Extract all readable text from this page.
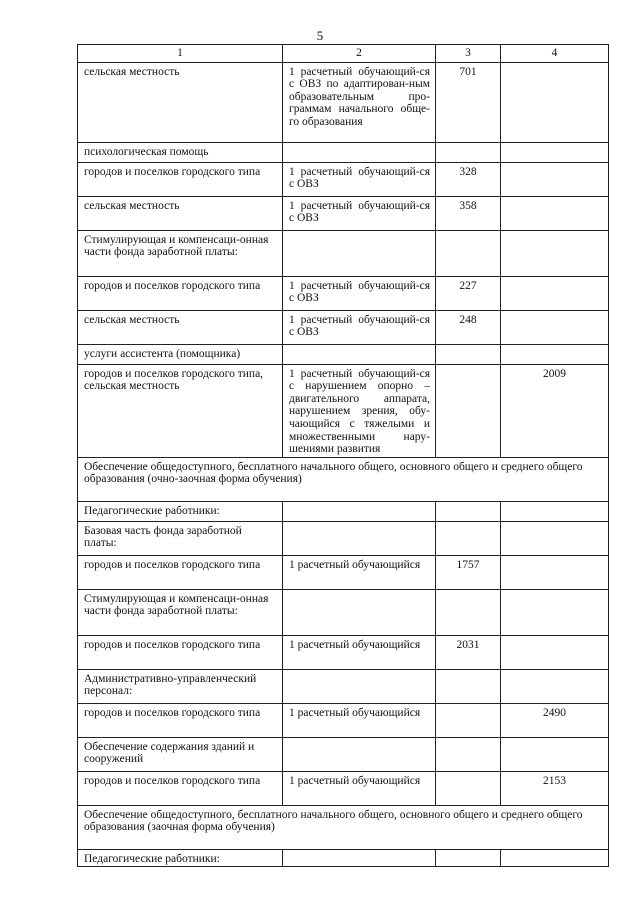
5
1	2	3	4
сельская местность	1 расчетный обучающий-ся с ОВЗ по адаптирован-ным образовательным про-граммам начального обще-го образования	701	
психологическая помощь			
городов и поселков городского типа	1 расчетный обучающий-ся с ОВЗ	328	
сельская местность	1 расчетный обучающий-ся с ОВЗ	358	
Стимулирующая и компенсаци-онная части фонда заработной платы:			
городов и поселков городского типа	1 расчетный обучающий-ся с ОВЗ	227	
сельская местность	1 расчетный обучающий-ся с ОВЗ	248	
услуги ассистента (помощника)			
городов и поселков городского типа, сельская местность	1 расчетный обучающий-ся с нарушением опорно –двигательного аппарата, нарушением зрения, обу-чающийся с тяжелыми и множественными нару-шениями развития		2009
Обеспечение общедоступного, бесплатного начального общего, основного общего и среднего общего образования (очно-заочная форма обучения)			
Педагогические работники:			
Базовая часть фонда заработной платы:			
городов и поселков городского типа	1 расчетный обучающийся	1757	
Стимулирующая и компенсаци-онная части фонда заработной платы:			
городов и поселков городского типа	1 расчетный обучающийся	2031	
Административно-управленческий персонал:			
городов и поселков городского типа	1 расчетный обучающийся		2490
Обеспечение содержания зданий и сооружений			
городов и поселков городского типа	1 расчетный обучающийся		2153
Обеспечение общедоступного, бесплатного начального общего, основного общего и среднего общего образования (заочная форма обучения)			
Педагогические работники:			
